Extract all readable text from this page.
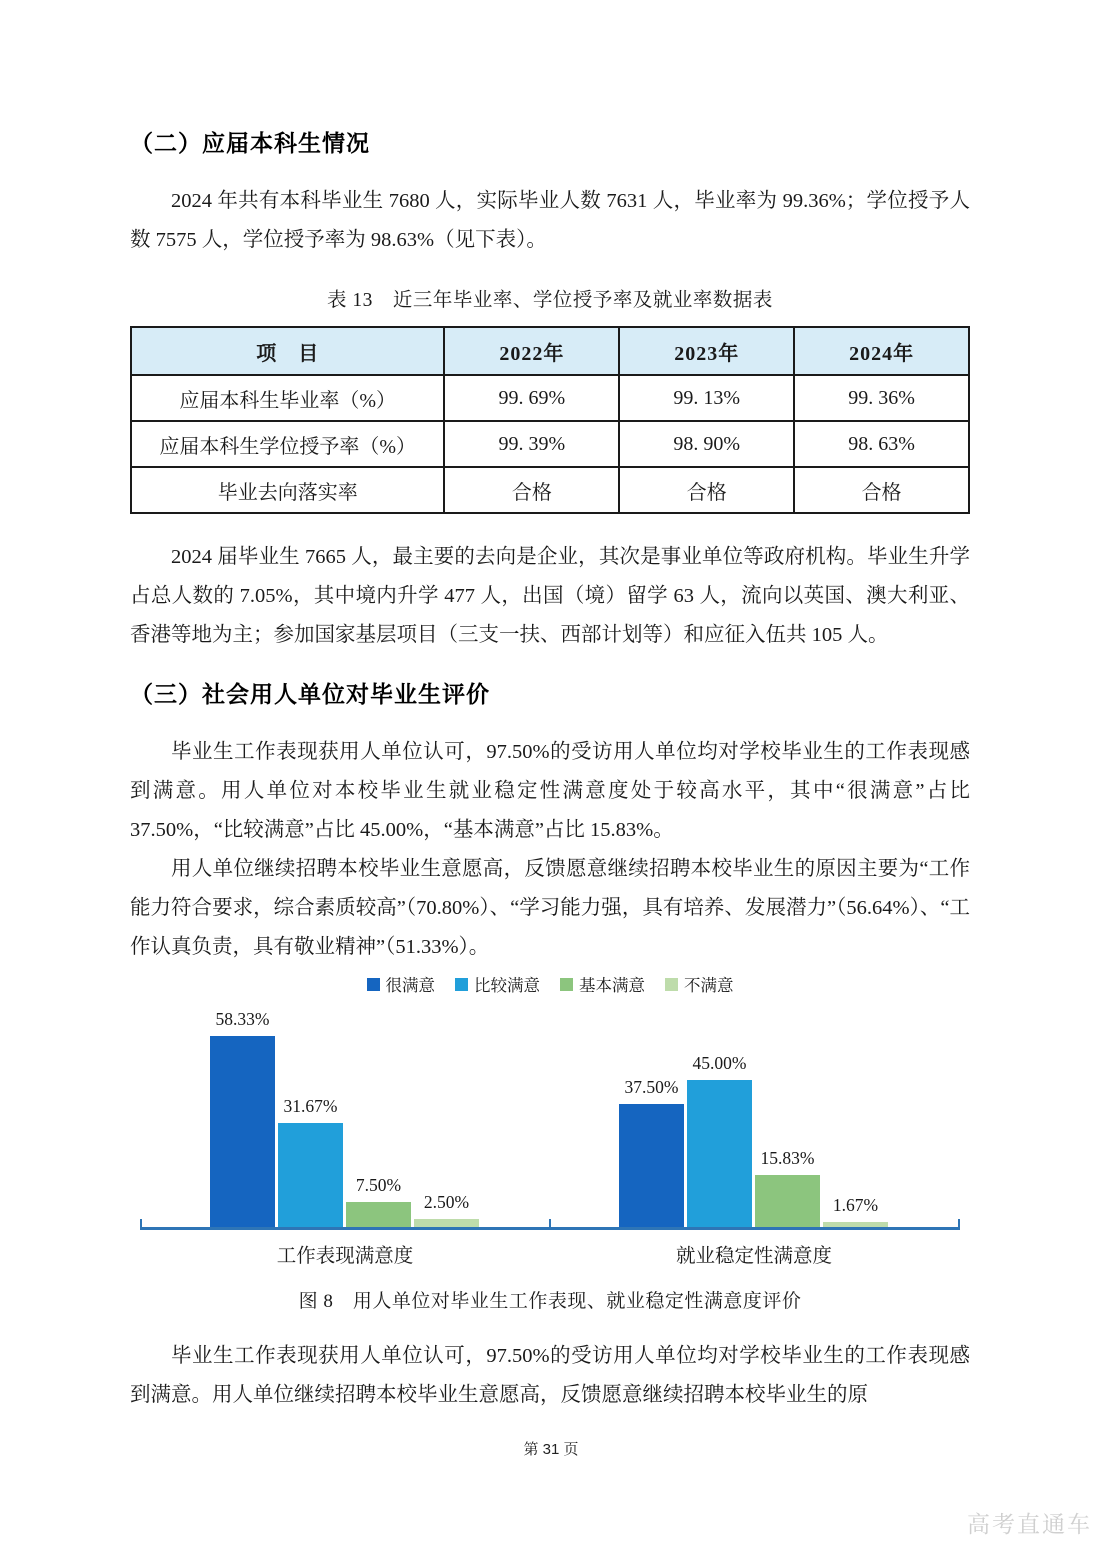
（二）应届本科生情况

2024 年共有本科毕业生 7680 人，实际毕业人数 7631 人，毕业率为 99.36%；学位授予人数 7575 人，学位授予率为 98.63%（见下表）。

表 13　近三年毕业率、学位授予率及就业率数据表
项　目	2022年	2023年	2024年
应届本科生毕业率（%）	99. 69%	99. 13%	99. 36%
应届本科生学位授予率（%）	99. 39%	98. 90%	98. 63%
毕业去向落实率	合格	合格	合格

2024 届毕业生 7665 人，最主要的去向是企业，其次是事业单位等政府机构。毕业生升学占总人数的 7.05%，其中境内升学 477 人，出国（境）留学 63 人，流向以英国、澳大利亚、香港等地为主；参加国家基层项目（三支一扶、西部计划等）和应征入伍共 105 人。

（三）社会用人单位对毕业生评价

毕业生工作表现获用人单位认可，97.50%的受访用人单位均对学校毕业生的工作表现感到满意。用人单位对本校毕业生就业稳定性满意度处于较高水平，其中“很满意”占比 37.50%，“比较满意”占比 45.00%，“基本满意”占比 15.83%。

用人单位继续招聘本校毕业生意愿高，反馈愿意继续招聘本校毕业生的原因主要为“工作能力符合要求，综合素质较高”（70.80%）、“学习能力强，具有培养、发展潜力”（56.64%）、“工作认真负责，具有敬业精神”（51.33%）。

很满意 比较满意 基本满意 不满意
58.33%
31.67%
7.50%
2.50%
37.50%
45.00%
15.83%
1.67%
工作表现满意度	就业稳定性满意度
图 8　用人单位对毕业生工作表现、就业稳定性满意度评价

毕业生工作表现获用人单位认可，97.50%的受访用人单位均对学校毕业生的工作表现感到满意。用人单位继续招聘本校毕业生意愿高，反馈愿意继续招聘本校毕业生的原

第 31 页
高考直通车
